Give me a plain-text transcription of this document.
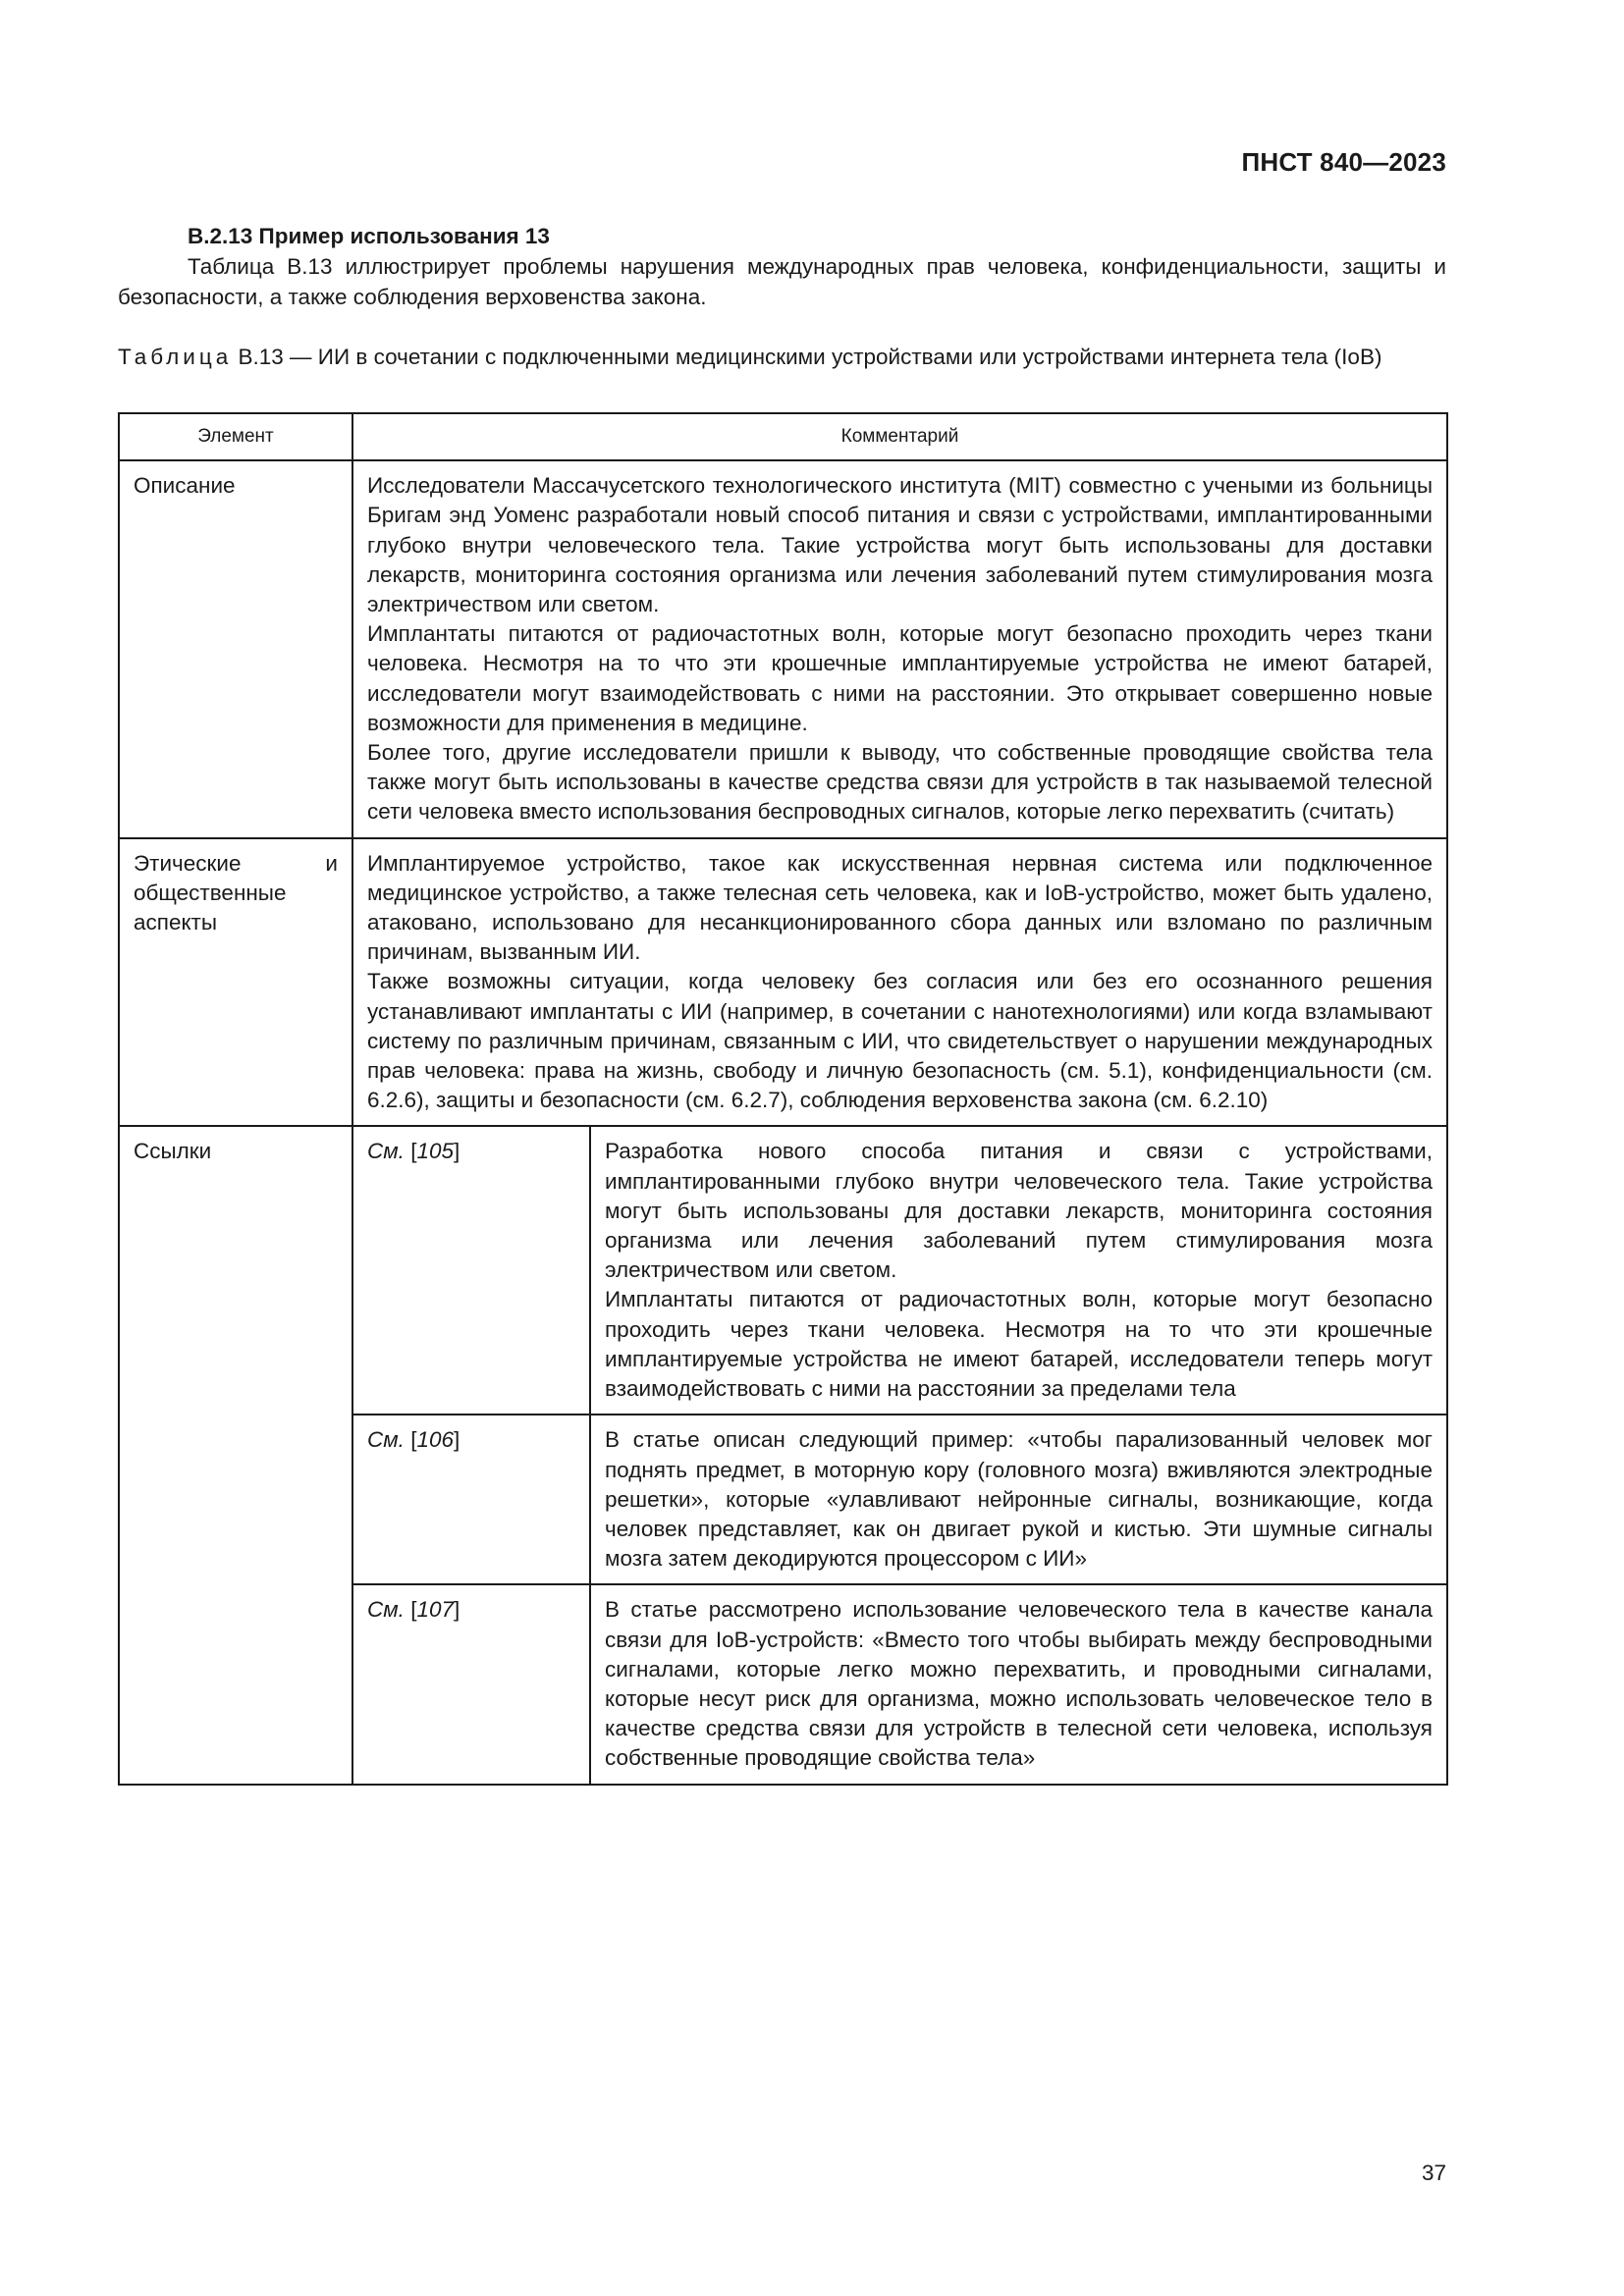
ПНСТ 840—2023

В.2.13 Пример использования 13

Таблица В.13 иллюстрирует проблемы нарушения международных прав человека, конфиденциальности, защиты и безопасности, а также соблюдения верховенства закона.

Таблица В.13 — ИИ в сочетании с подключенными медицинскими устройствами или устройствами интернета тела (IoB)

Элемент	Комментарий	

Описание	Исследователи Массачусетского технологического института (MIT) совместно с учеными из больницы Бригам энд Уоменс разработали новый способ питания и связи с устройствами, имплантированными глубоко внутри человеческого тела. Такие устройства могут быть использованы для доставки лекарств, мониторинга состояния организма или лечения заболеваний путем стимулирования мозга электричеством или светом.

Имплантаты питаются от радиочастотных волн, которые могут безопасно проходить через ткани человека. Несмотря на то что эти крошечные имплантируемые устройства не имеют батарей, исследователи могут взаимодействовать с ними на расстоянии. Это открывает совершенно новые возможности для применения в медицине.

Более того, другие исследователи пришли к выводу, что собственные проводящие свойства тела также могут быть использованы в качестве средства связи для устройств в так называемой телесной сети человека вместо использования беспроводных сигналов, которые легко перехватить (считать)	

Этические и общественные аспекты	Имплантируемое устройство, такое как искусственная нервная система или подключенное медицинское устройство, а также телесная сеть человека, как и IoB-устройство, может быть удалено, атаковано, использовано для несанкционированного сбора данных или взломано по различным причинам, вызванным ИИ.

Также возможны ситуации, когда человеку без согласия или без его осознанного решения устанавливают имплантаты с ИИ (например, в сочетании с нанотехнологиями) или когда взламывают систему по различным причинам, связанным с ИИ, что свидетельствует о нарушении международных прав человека: права на жизнь, свободу и личную безопасность (см. 5.1), конфиденциальности (см. 6.2.6), защиты и безопасности (см. 6.2.7), соблюдения верховенства закона (см. 6.2.10)	

Ссылки	См. [105]	Разработка нового способа питания и связи с устройствами, имплантированными глубоко внутри человеческого тела. Такие устройства могут быть использованы для доставки лекарств, мониторинга состояния организма или лечения заболеваний путем стимулирования мозга электричеством или светом.

Имплантаты питаются от радиочастотных волн, которые могут безопасно проходить через ткани человека. Несмотря на то что эти крошечные имплантируемые устройства не имеют батарей, исследователи теперь могут взаимодействовать с ними на расстоянии за пределами тела

	См. [106]	В статье описан следующий пример: «чтобы парализованный человек мог поднять предмет, в моторную кору (головного мозга) вживляются электродные решетки», которые «улавливают нейронные сигналы, возникающие, когда человек представляет, как он двигает рукой и кистью. Эти шумные сигналы мозга затем декодируются процессором с ИИ»

	См. [107]	В статье рассмотрено использование человеческого тела в качестве канала связи для IoB-устройств: «Вместо того чтобы выбирать между беспроводными сигналами, которые легко можно перехватить, и проводными сигналами, которые несут риск для организма, можно использовать человеческое тело в качестве средства связи для устройств в телесной сети человека, используя собственные проводящие свойства тела»

37
